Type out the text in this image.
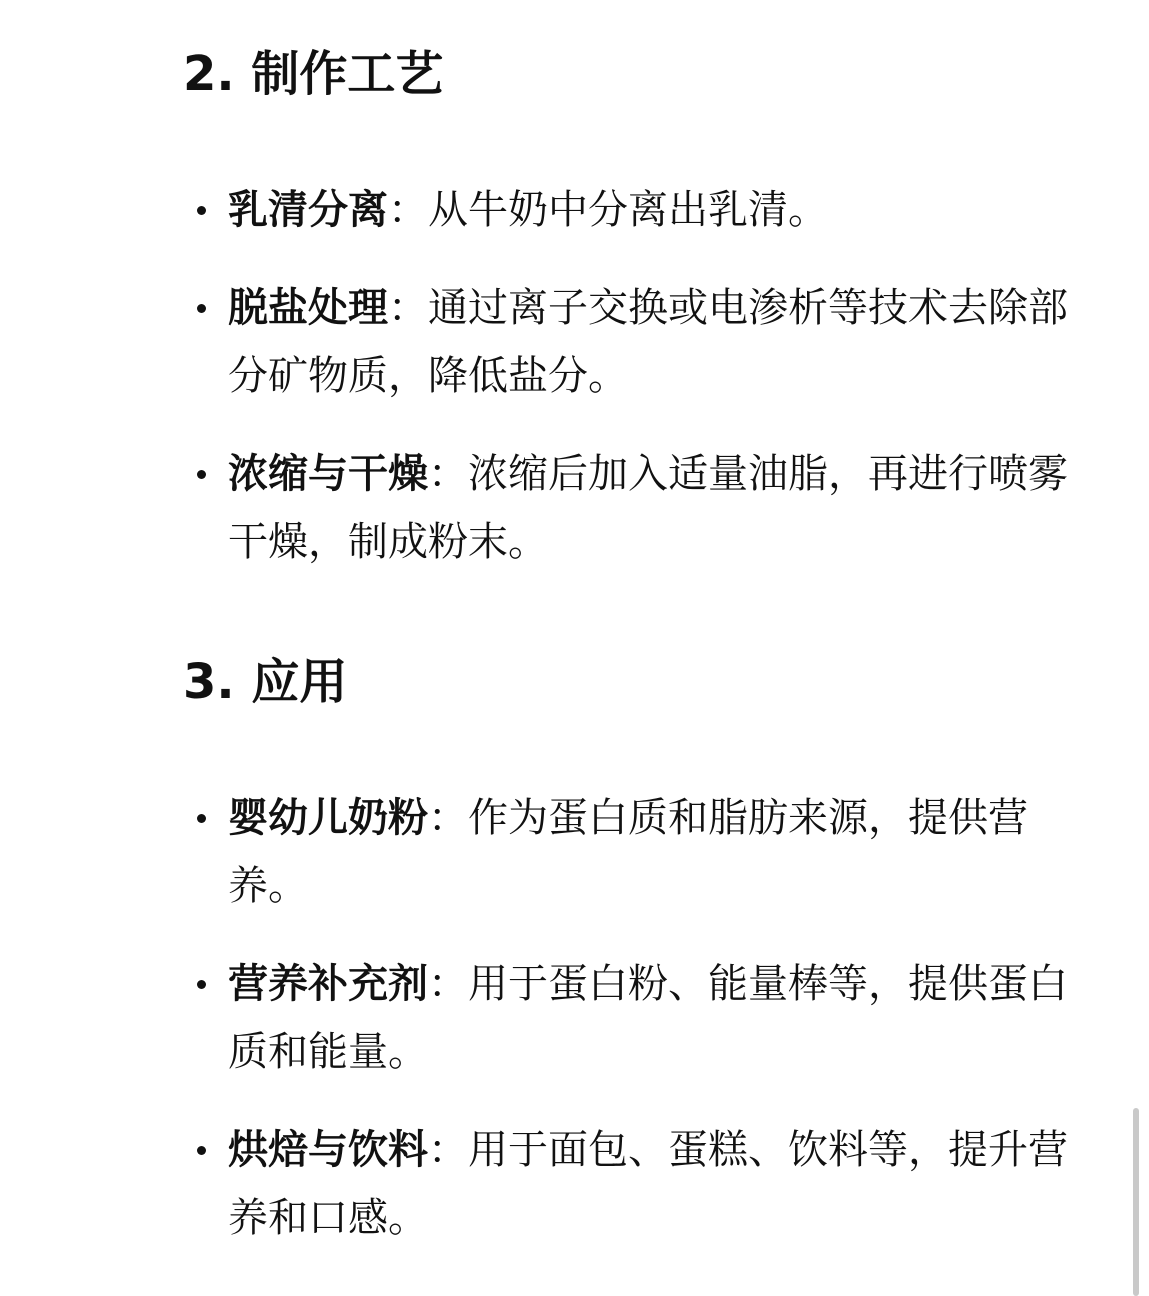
2. 制作工艺
乳清分离：从牛奶中分离出乳清。
脱盐处理：通过离子交换或电渗析等技术去除部分矿物质，降低盐分。
浓缩与干燥：浓缩后加入适量油脂，再进行喷雾干燥，制成粉末。
3. 应用
婴幼儿奶粉：作为蛋白质和脂肪来源，提供营养。
营养补充剂：用于蛋白粉、能量棒等，提供蛋白质和能量。
烘焙与饮料：用于面包、蛋糕、饮料等，提升营养和口感。
